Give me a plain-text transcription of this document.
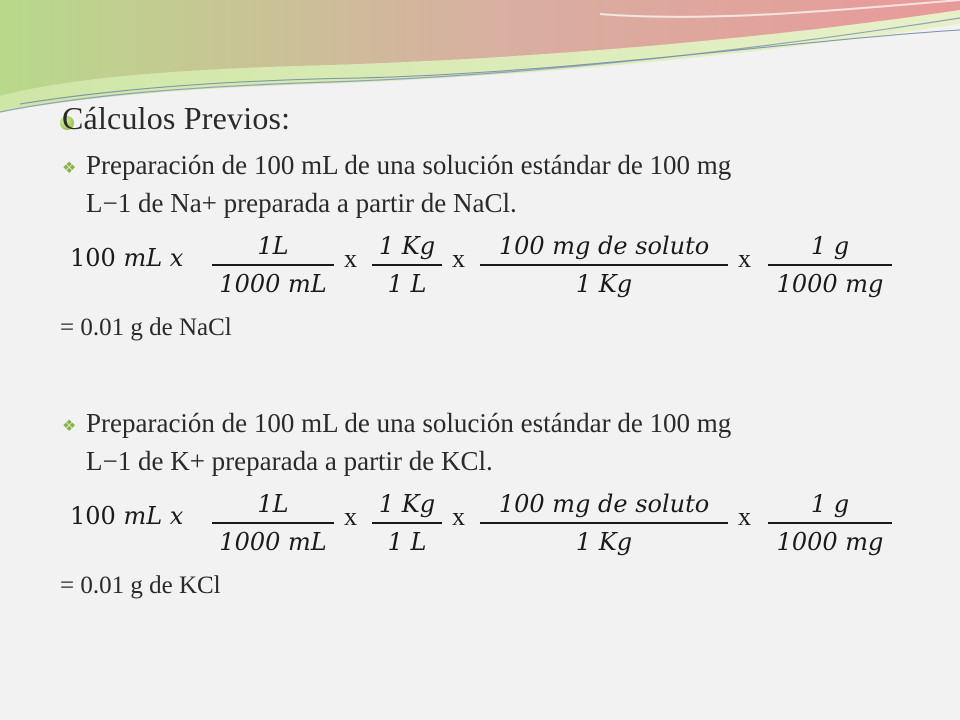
Cálculos Previos:
❖ Preparación de 100 mL de una solución estándar de 100 mg
L−1 de Na+ preparada a partir de NaCl.
100 mL x	1L
1000 mL
x 1 Kg
1 L
x	100 mg de soluto
1 Kg
x	1 g
1000 mg
= 0.01 g de NaCl
❖ Preparación de 100 mL de una solución estándar de 100 mg
L−1 de K+ preparada a partir de KCl.
100 mL x	1L
1000 mL
x 1 Kg
1 L
x	100 mg de soluto
1 Kg
x	1 g
1000 mg
= 0.01 g de KCl
